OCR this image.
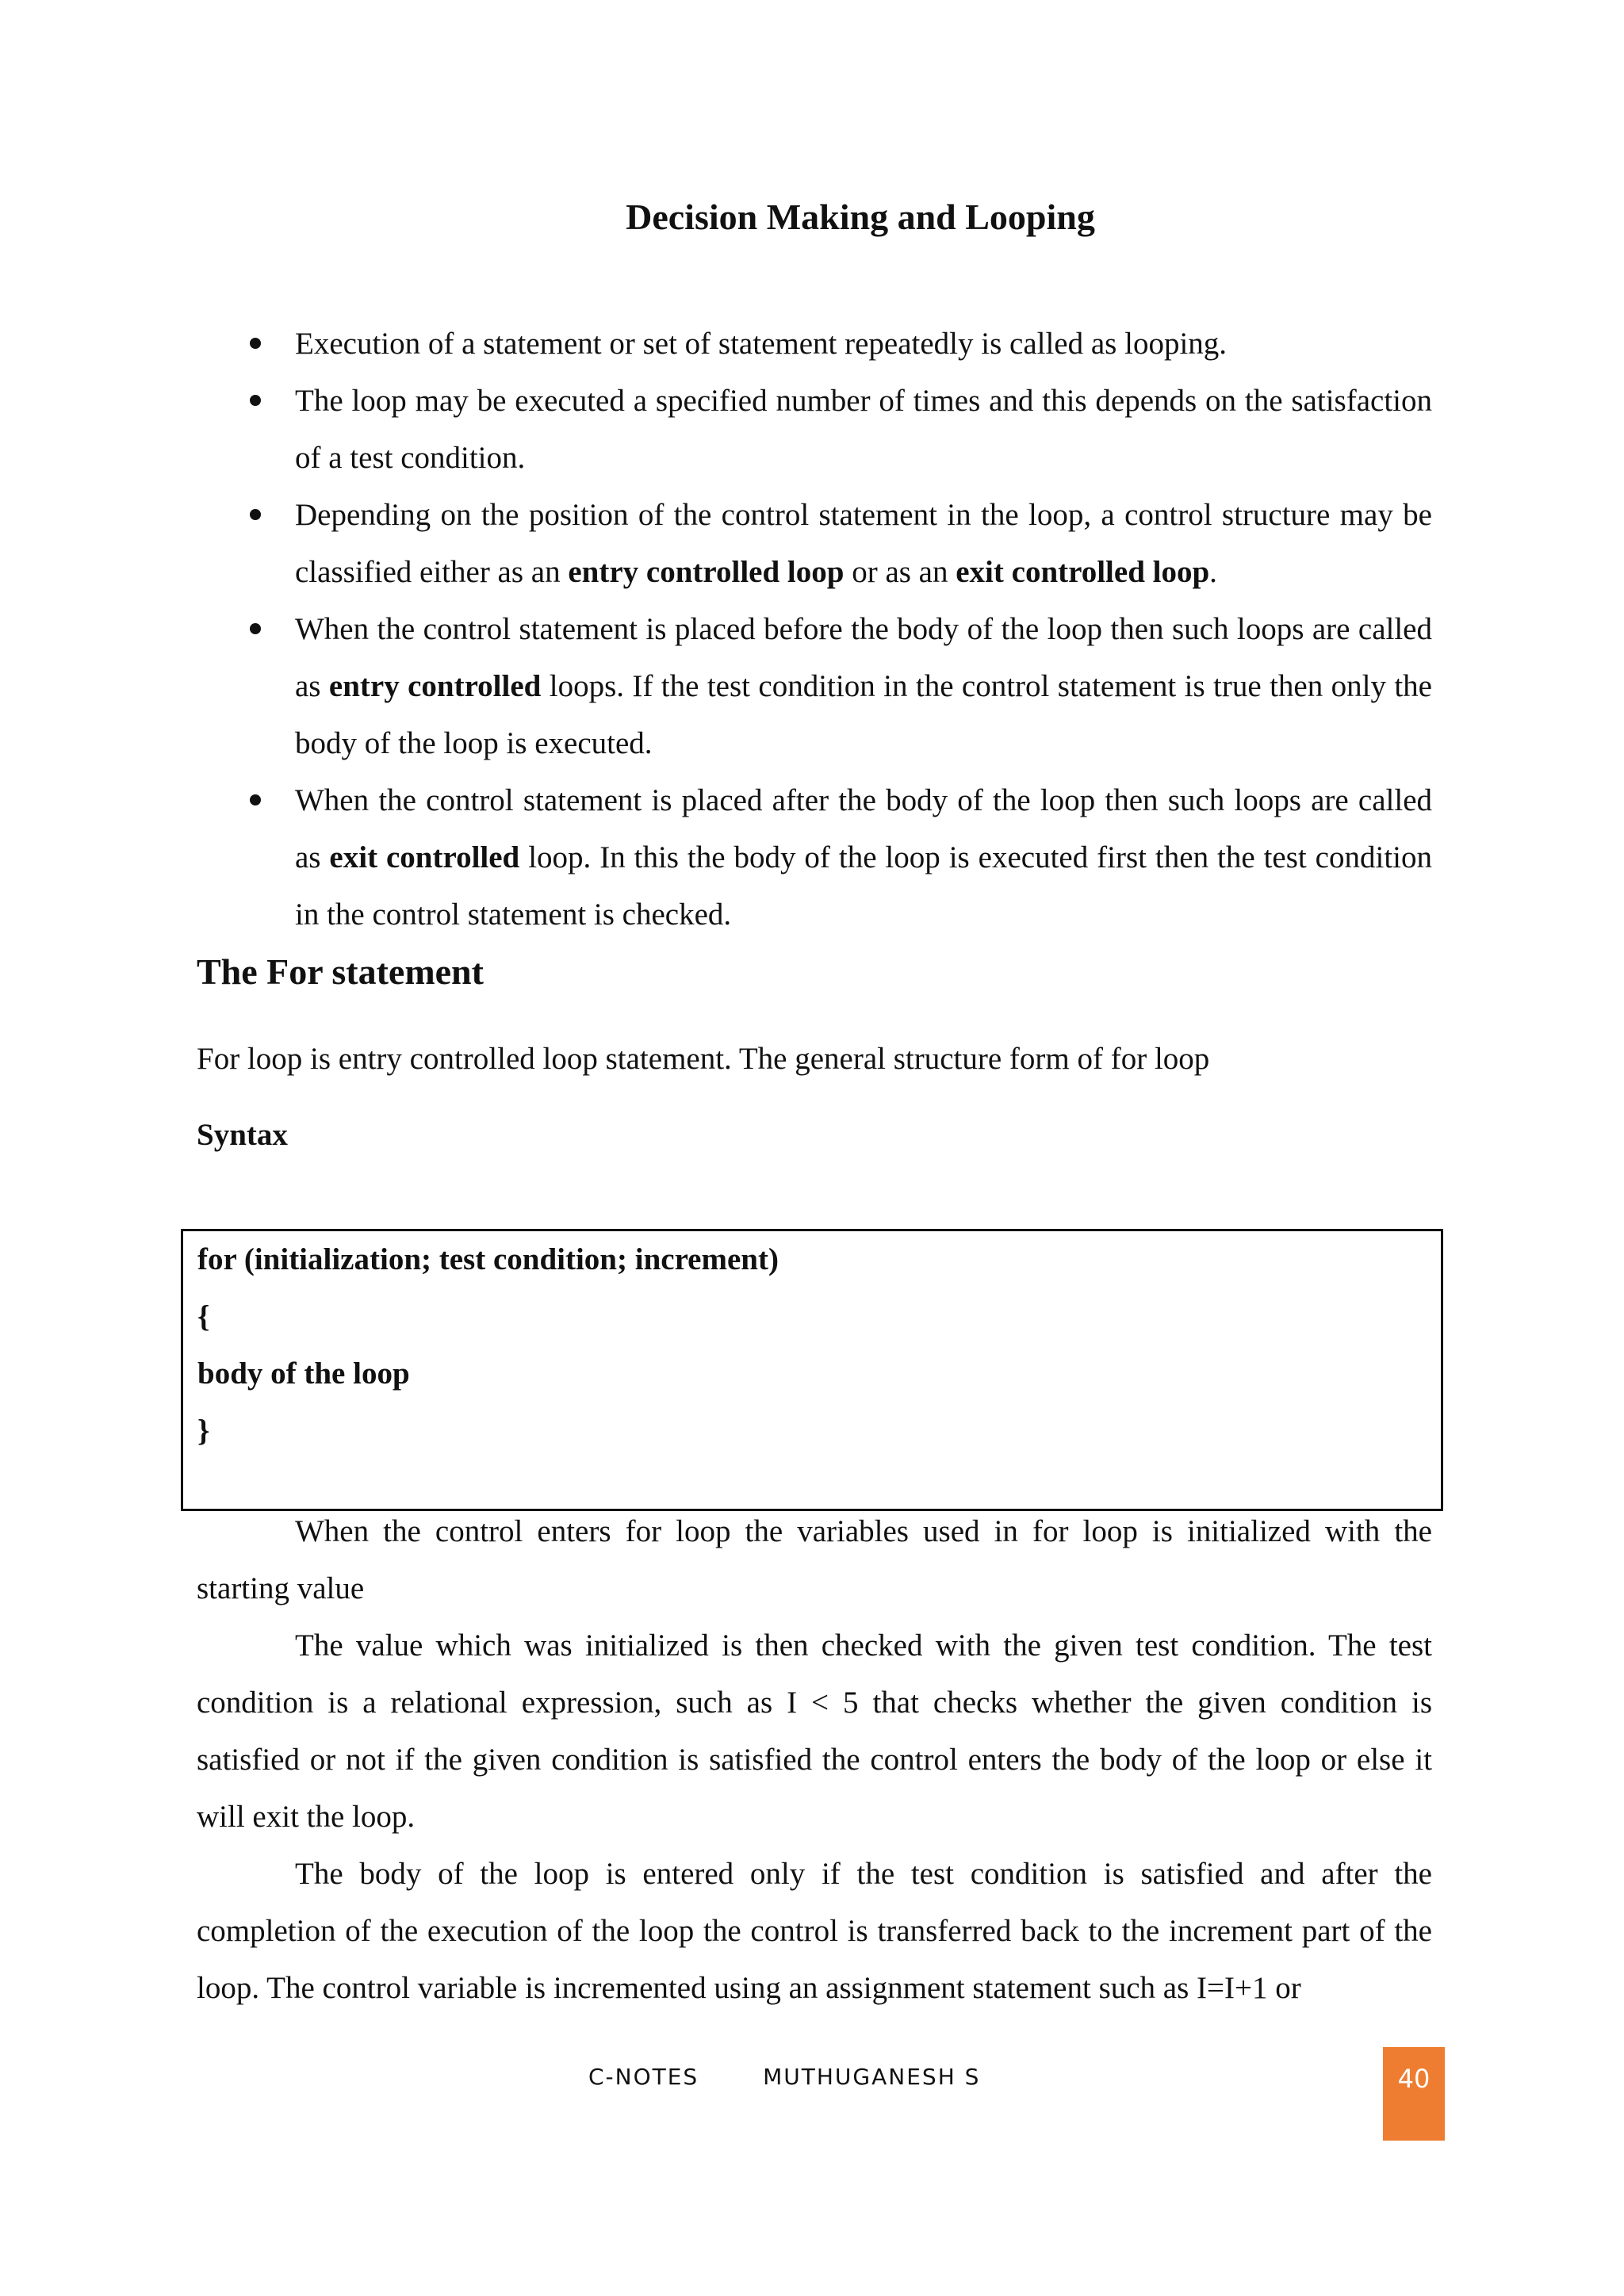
Decision Making and Looping
Execution of a statement or set of statement repeatedly is called as looping.
The loop may be executed a specified number of times and this depends on the satisfaction of a test condition.
Depending on the position of the control statement in the loop, a control structure may be classified either as an entry controlled loop or as an exit controlled loop.
When the control statement is placed before the body of the loop then such loops are called as entry controlled loops. If the test condition in the control statement is true then only the body of the loop is executed.
When the control statement is placed after the body of the loop then such loops are called as exit controlled loop. In this the body of the loop is executed first then the test condition in the control statement is checked.
The For statement

For loop is entry controlled loop statement. The general structure form of for loop

Syntax

for (initialization; test condition; increment)
{
body of the loop
}

When the control enters for loop the variables used in for loop is initialized with the starting value

The value which was initialized is then checked with the given test condition. The test condition is a relational expression, such as I < 5 that checks whether the given condition is satisfied or not if the given condition is satisfied the control enters the body of the loop or else it will exit the loop.

The body of the loop is entered only if the test condition is satisfied and after the completion of the execution of the loop the control is transferred back to the increment part of the loop. The control variable is incremented using an assignment statement such as I=I+1 or

C-NOTES	MUTHUGANESH S	40
